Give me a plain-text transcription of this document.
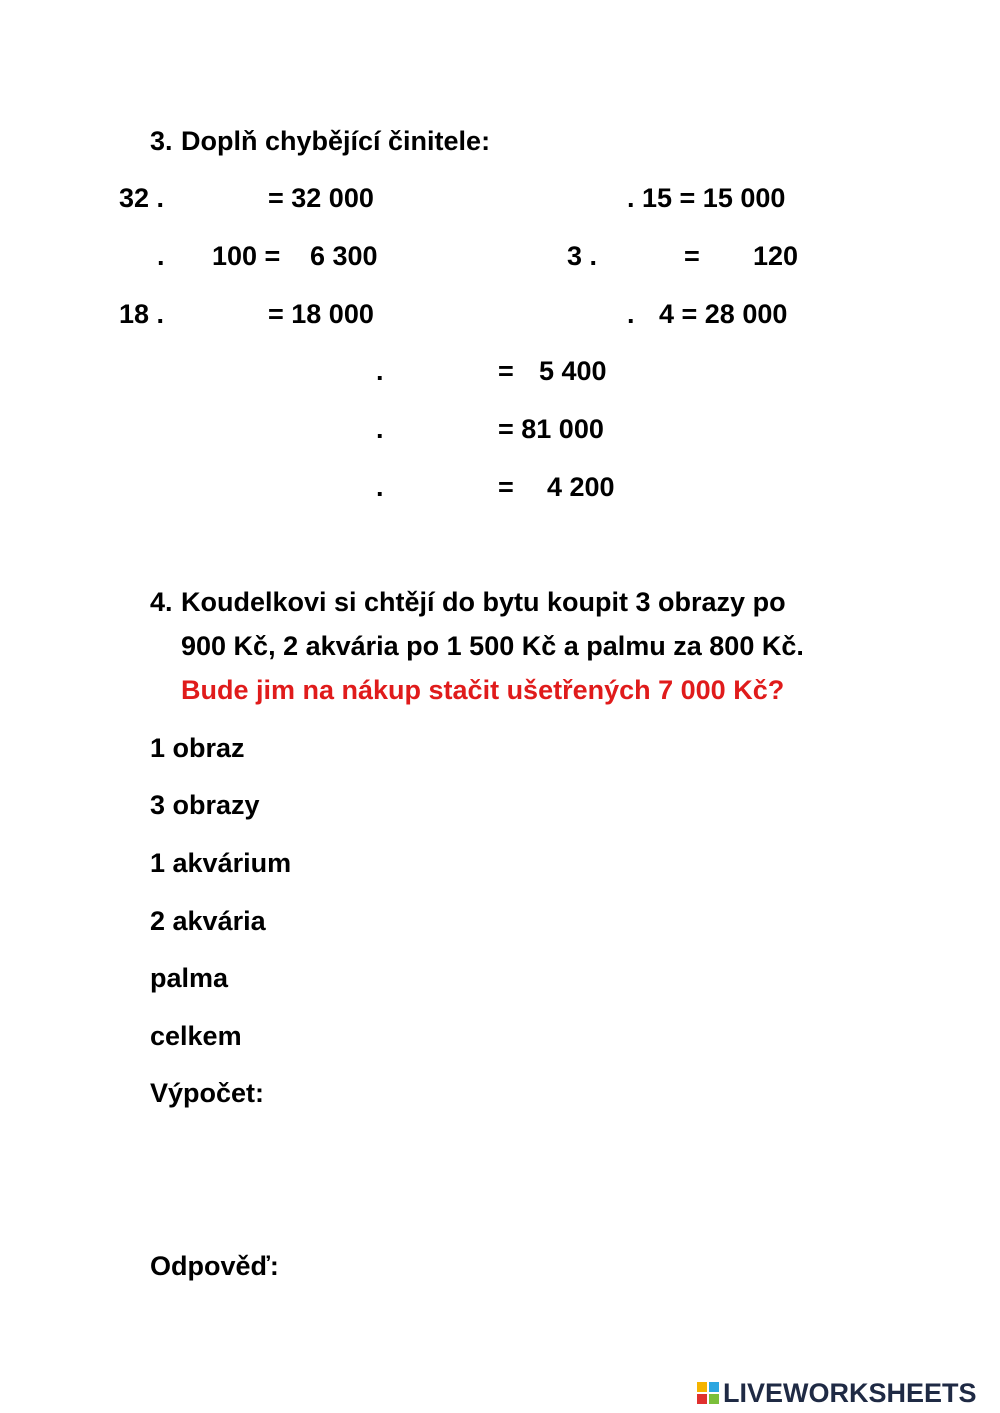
3. Doplň chybějící činitele:
32 .	= 32 000	. 15 = 15 000
. 100 = 6 300	3 .	= 120
18 .	= 18 000	. 4 = 28 000
.	= 5 400
.	= 81 000
.	= 4 200
4. Koudelkovi si chtějí do bytu koupit 3 obrazy po
900 Kč, 2 akvária po 1 500 Kč a palmu za 800 Kč.
Bude jim na nákup stačit ušetřených 7 000 Kč?
1 obraz
3 obrazy
1 akvárium
2 akvária
palma
celkem
Výpočet:
Odpověď:
LIVEWORKSHEETS
